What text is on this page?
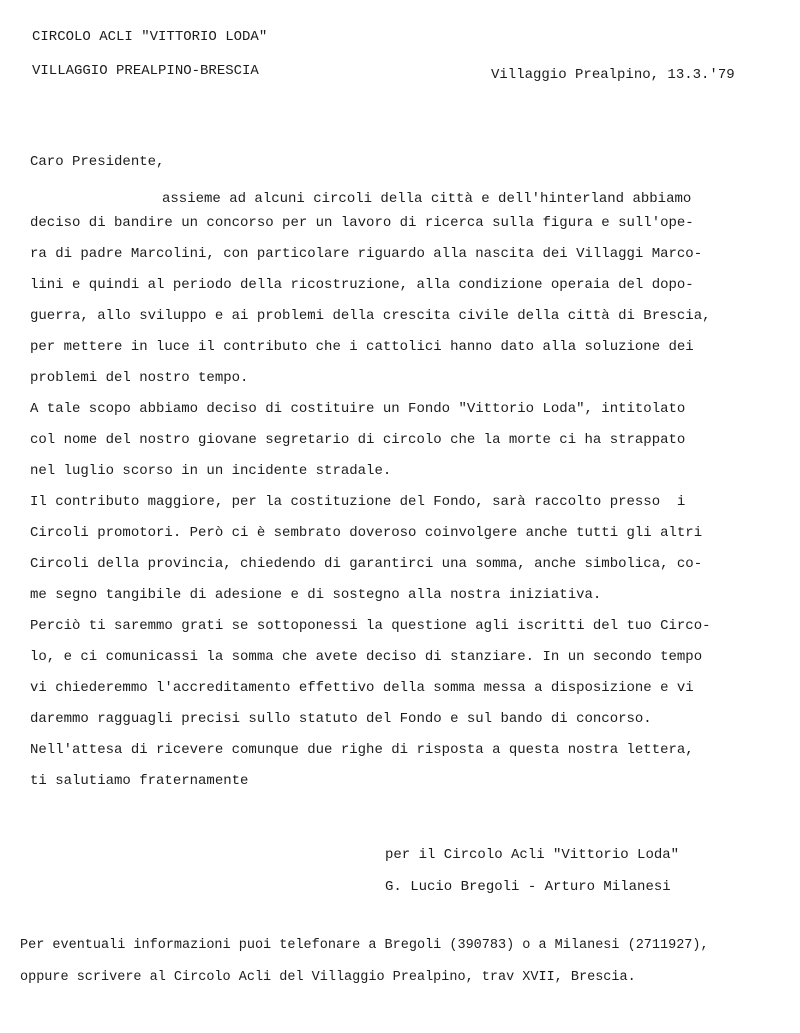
CIRCOLO ACLI "VITTORIO LODA"
VILLAGGIO PREALPINO-BRESCIA	Villaggio Prealpino, 13.3.'79
Caro Presidente,
assieme ad alcuni circoli della città e dell'hinterland abbiamo
deciso di bandire un concorso per un lavoro di ricerca sulla figura e sull'ope-
ra di padre Marcolini, con particolare riguardo alla nascita dei Villaggi Marco-
lini e quindi al periodo della ricostruzione, alla condizione operaia del dopo-
guerra, allo sviluppo e ai problemi della crescita civile della città di Brescia,
per mettere in luce il contributo che i cattolici hanno dato alla soluzione dei
problemi del nostro tempo.
A tale scopo abbiamo deciso di costituire un Fondo "Vittorio Loda", intitolato
col nome del nostro giovane segretario di circolo che la morte ci ha strappato
nel luglio scorso in un incidente stradale.
Il contributo maggiore, per la costituzione del Fondo, sarà raccolto presso  i
Circoli promotori. Però ci è sembrato doveroso coinvolgere anche tutti gli altri
Circoli della provincia, chiedendo di garantirci una somma, anche simbolica, co-
me segno tangibile di adesione e di sostegno alla nostra iniziativa.
Perciò ti saremmo grati se sottoponessi la questione agli iscritti del tuo Circo-
lo, e ci comunicassi la somma che avete deciso di stanziare. In un secondo tempo
vi chiederemmo l'accreditamento effettivo della somma messa a disposizione e vi
daremmo ragguagli precisi sullo statuto del Fondo e sul bando di concorso.
Nell'attesa di ricevere comunque due righe di risposta a questa nostra lettera,
ti salutiamo fraternamente
per il Circolo Acli "Vittorio Loda"
G. Lucio Bregoli - Arturo Milanesi
Per eventuali informazioni puoi telefonare a Bregoli (390783) o a Milanesi (2711927),
oppure scrivere al Circolo Acli del Villaggio Prealpino, trav XVII, Brescia.
